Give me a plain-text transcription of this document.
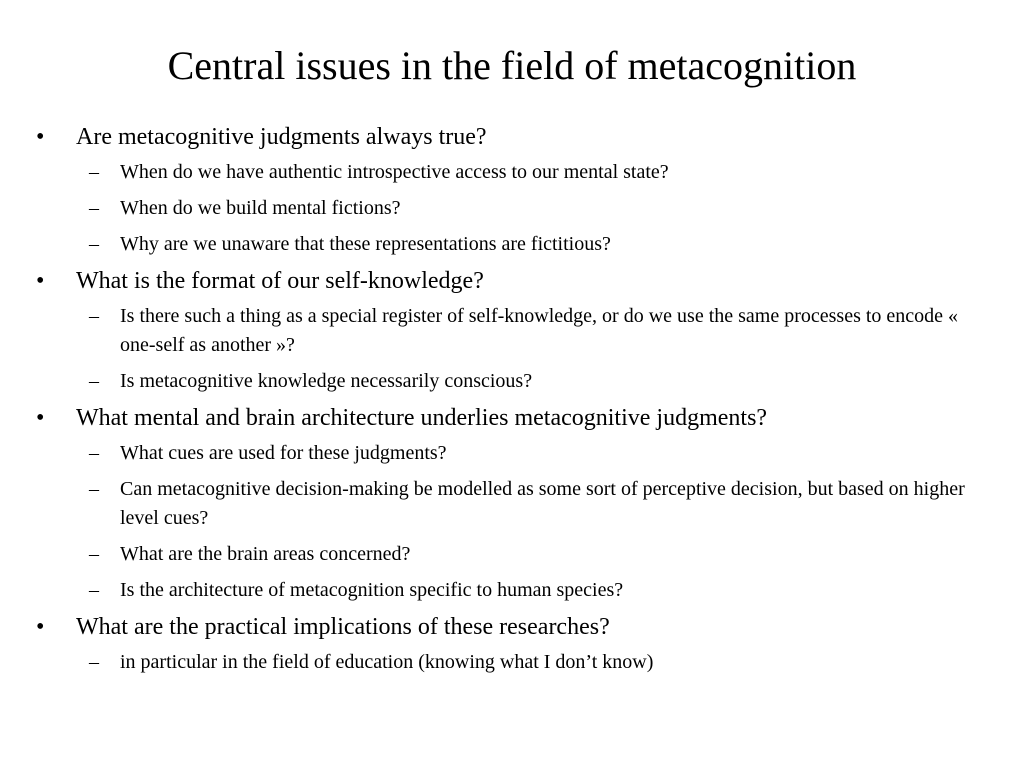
Central issues in the field of metacognition
• Are metacognitive judgments always true?
– When do we have authentic introspective access to our mental state?
– When do we build mental fictions?
– Why are we unaware that these representations are fictitious?
• What is the format of our self-knowledge?
– Is there such a thing as a special register of self-knowledge, or do we use the same processes to encode « one-self as another »?
– Is metacognitive knowledge necessarily conscious?
• What mental and brain architecture underlies metacognitive judgments?
– What cues are used for these judgments?
– Can metacognitive decision-making be modelled as some sort of perceptive decision, but based on higher level cues?
– What are the brain areas concerned?
– Is the architecture of metacognition specific to human species?
• What are the practical implications of these researches?
– in particular in the field of education (knowing what I don’t know)
